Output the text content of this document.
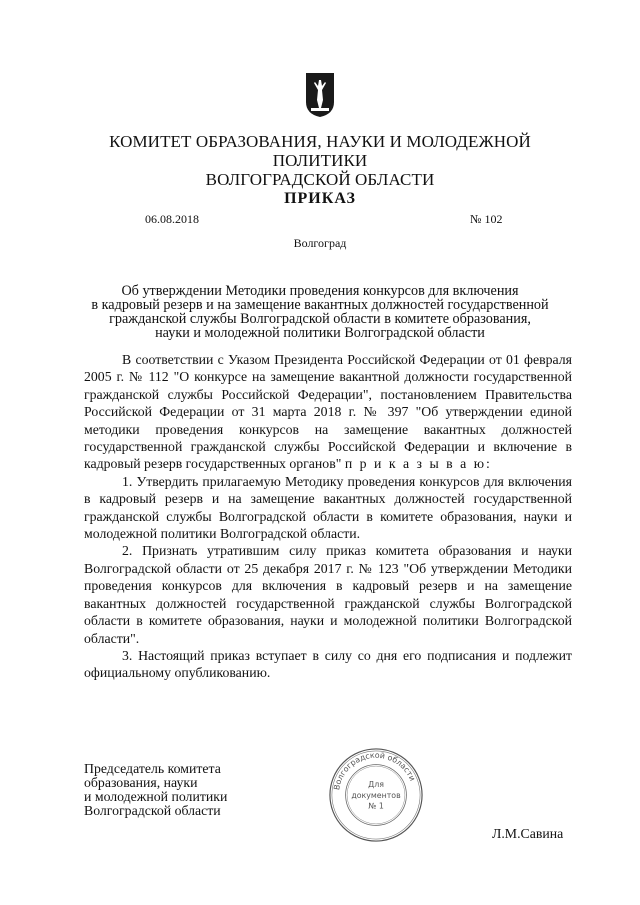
КОМИТЕТ ОБРАЗОВАНИЯ, НАУКИ И МОЛОДЕЖНОЙ ПОЛИТИКИ
ВОЛГОГРАДСКОЙ ОБЛАСТИ
ПРИКАЗ
06.08.2018	№ 102
Волгоград
Об утверждении Методики проведения конкурсов для включения
в кадровый резерв и на замещение вакантных должностей государственной
гражданской службы Волгоградской области в комитете образования,
науки и молодежной политики Волгоградской области

В соответствии с Указом Президента Российской Федерации от 01 февраля 2005 г. № 112 "О конкурсе на замещение вакантной должности государственной гражданской службы Российской Федерации", постановлением Правительства Российской Федерации от 31 марта 2018 г. № 397 "Об утверждении единой методики проведения конкурсов на замещение вакантных должностей государственной гражданской службы Российской Федерации и включение в кадровый резерв государственных органов" п р и к а з ы в а ю:

1. Утвердить прилагаемую Методику проведения конкурсов для включения в кадровый резерв и на замещение вакантных должностей государственной гражданской службы Волгоградской области в комитете образования, науки и молодежной политики Волгоградской области.

2. Признать утратившим силу приказ комитета образования и науки Волгоградской области от 25 декабря 2017 г. № 123 "Об утверждении Методики проведения конкурсов для включения в кадровый резерв и на замещение вакантных должностей государственной гражданской службы Волгоградской области в комитете образования, науки и молодежной политики Волгоградской области".

3. Настоящий приказ вступает в силу со дня его подписания и подлежит официальному опубликованию.

Председатель комитета
образования, науки
и молодежной политики
Волгоградской области
Волгоградской области
Для
документов
№ 1
Л.М.Савина
